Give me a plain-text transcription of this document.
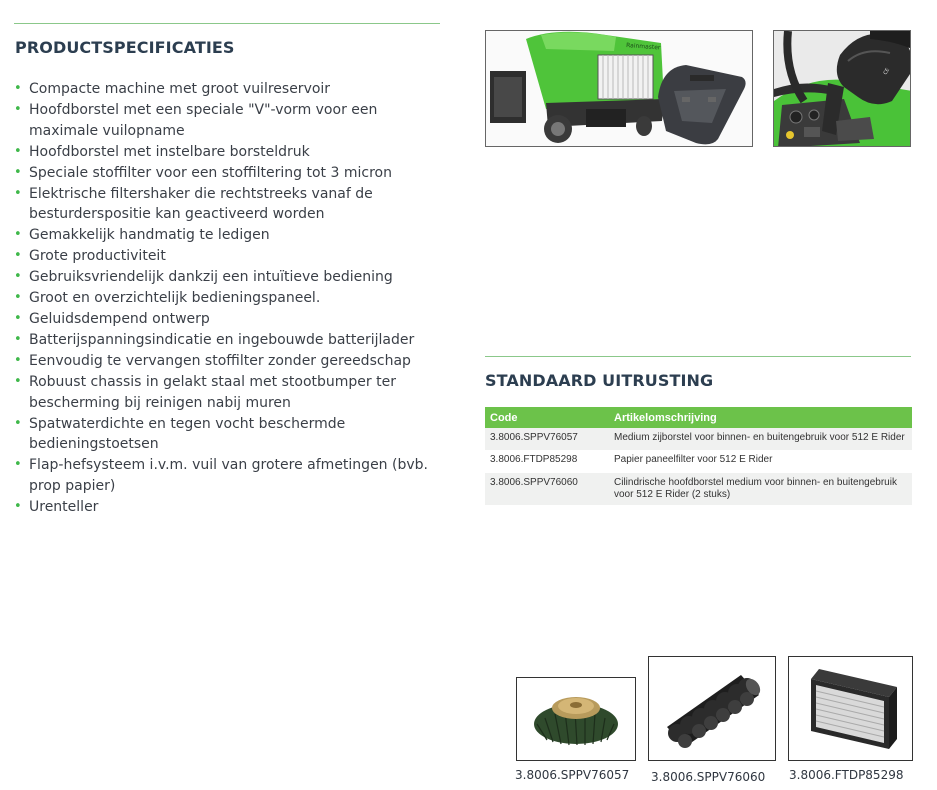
PRODUCTSPECIFICATIES
• Compacte machine met groot vuilreservoir
• Hoofdborstel met een speciale "V"-vorm voor een maximale vuilopname
• Hoofdborstel met instelbare borsteldruk
• Speciale stoffilter voor een stoffiltering tot 3 micron
• Elektrische filtershaker die rechtstreeks vanaf de besturderspositie kan geactiveerd worden
• Gemakkelijk handmatig te ledigen
• Grote productiviteit
• Gebruiksvriendelijk dankzij een intuïtieve bediening
• Groot en overzichtelijk bedieningspaneel.
• Geluidsdempend ontwerp
• Batterijspanningsindicatie en ingebouwde batterijlader
• Eenvoudig te vervangen stoffilter zonder gereedschap
• Robuust chassis in gelakt staal met stootbumper ter bescherming bij reinigen nabij muren
• Spatwaterdichte en tegen vocht beschermde bedieningstoetsen
• Flap-hefsysteem i.v.m. vuil van grotere afmetingen (bvb. prop papier)
• Urenteller
Rainmaster
CE
STANDAARD UITRUSTING
Code	Artikelomschrijving
3.8006.SPPV76057	Medium zijborstel voor binnen- en buitengebruik voor 512 E Rider
3.8006.FTDP85298	Papier paneelfilter voor 512 E Rider
3.8006.SPPV76060	Cilindrische hoofdborstel medium voor binnen- en buitengebruik voor 512 E Rider (2 stuks)
3.8006.SPPV76057 3.8006.SPPV76060 3.8006.FTDP85298
